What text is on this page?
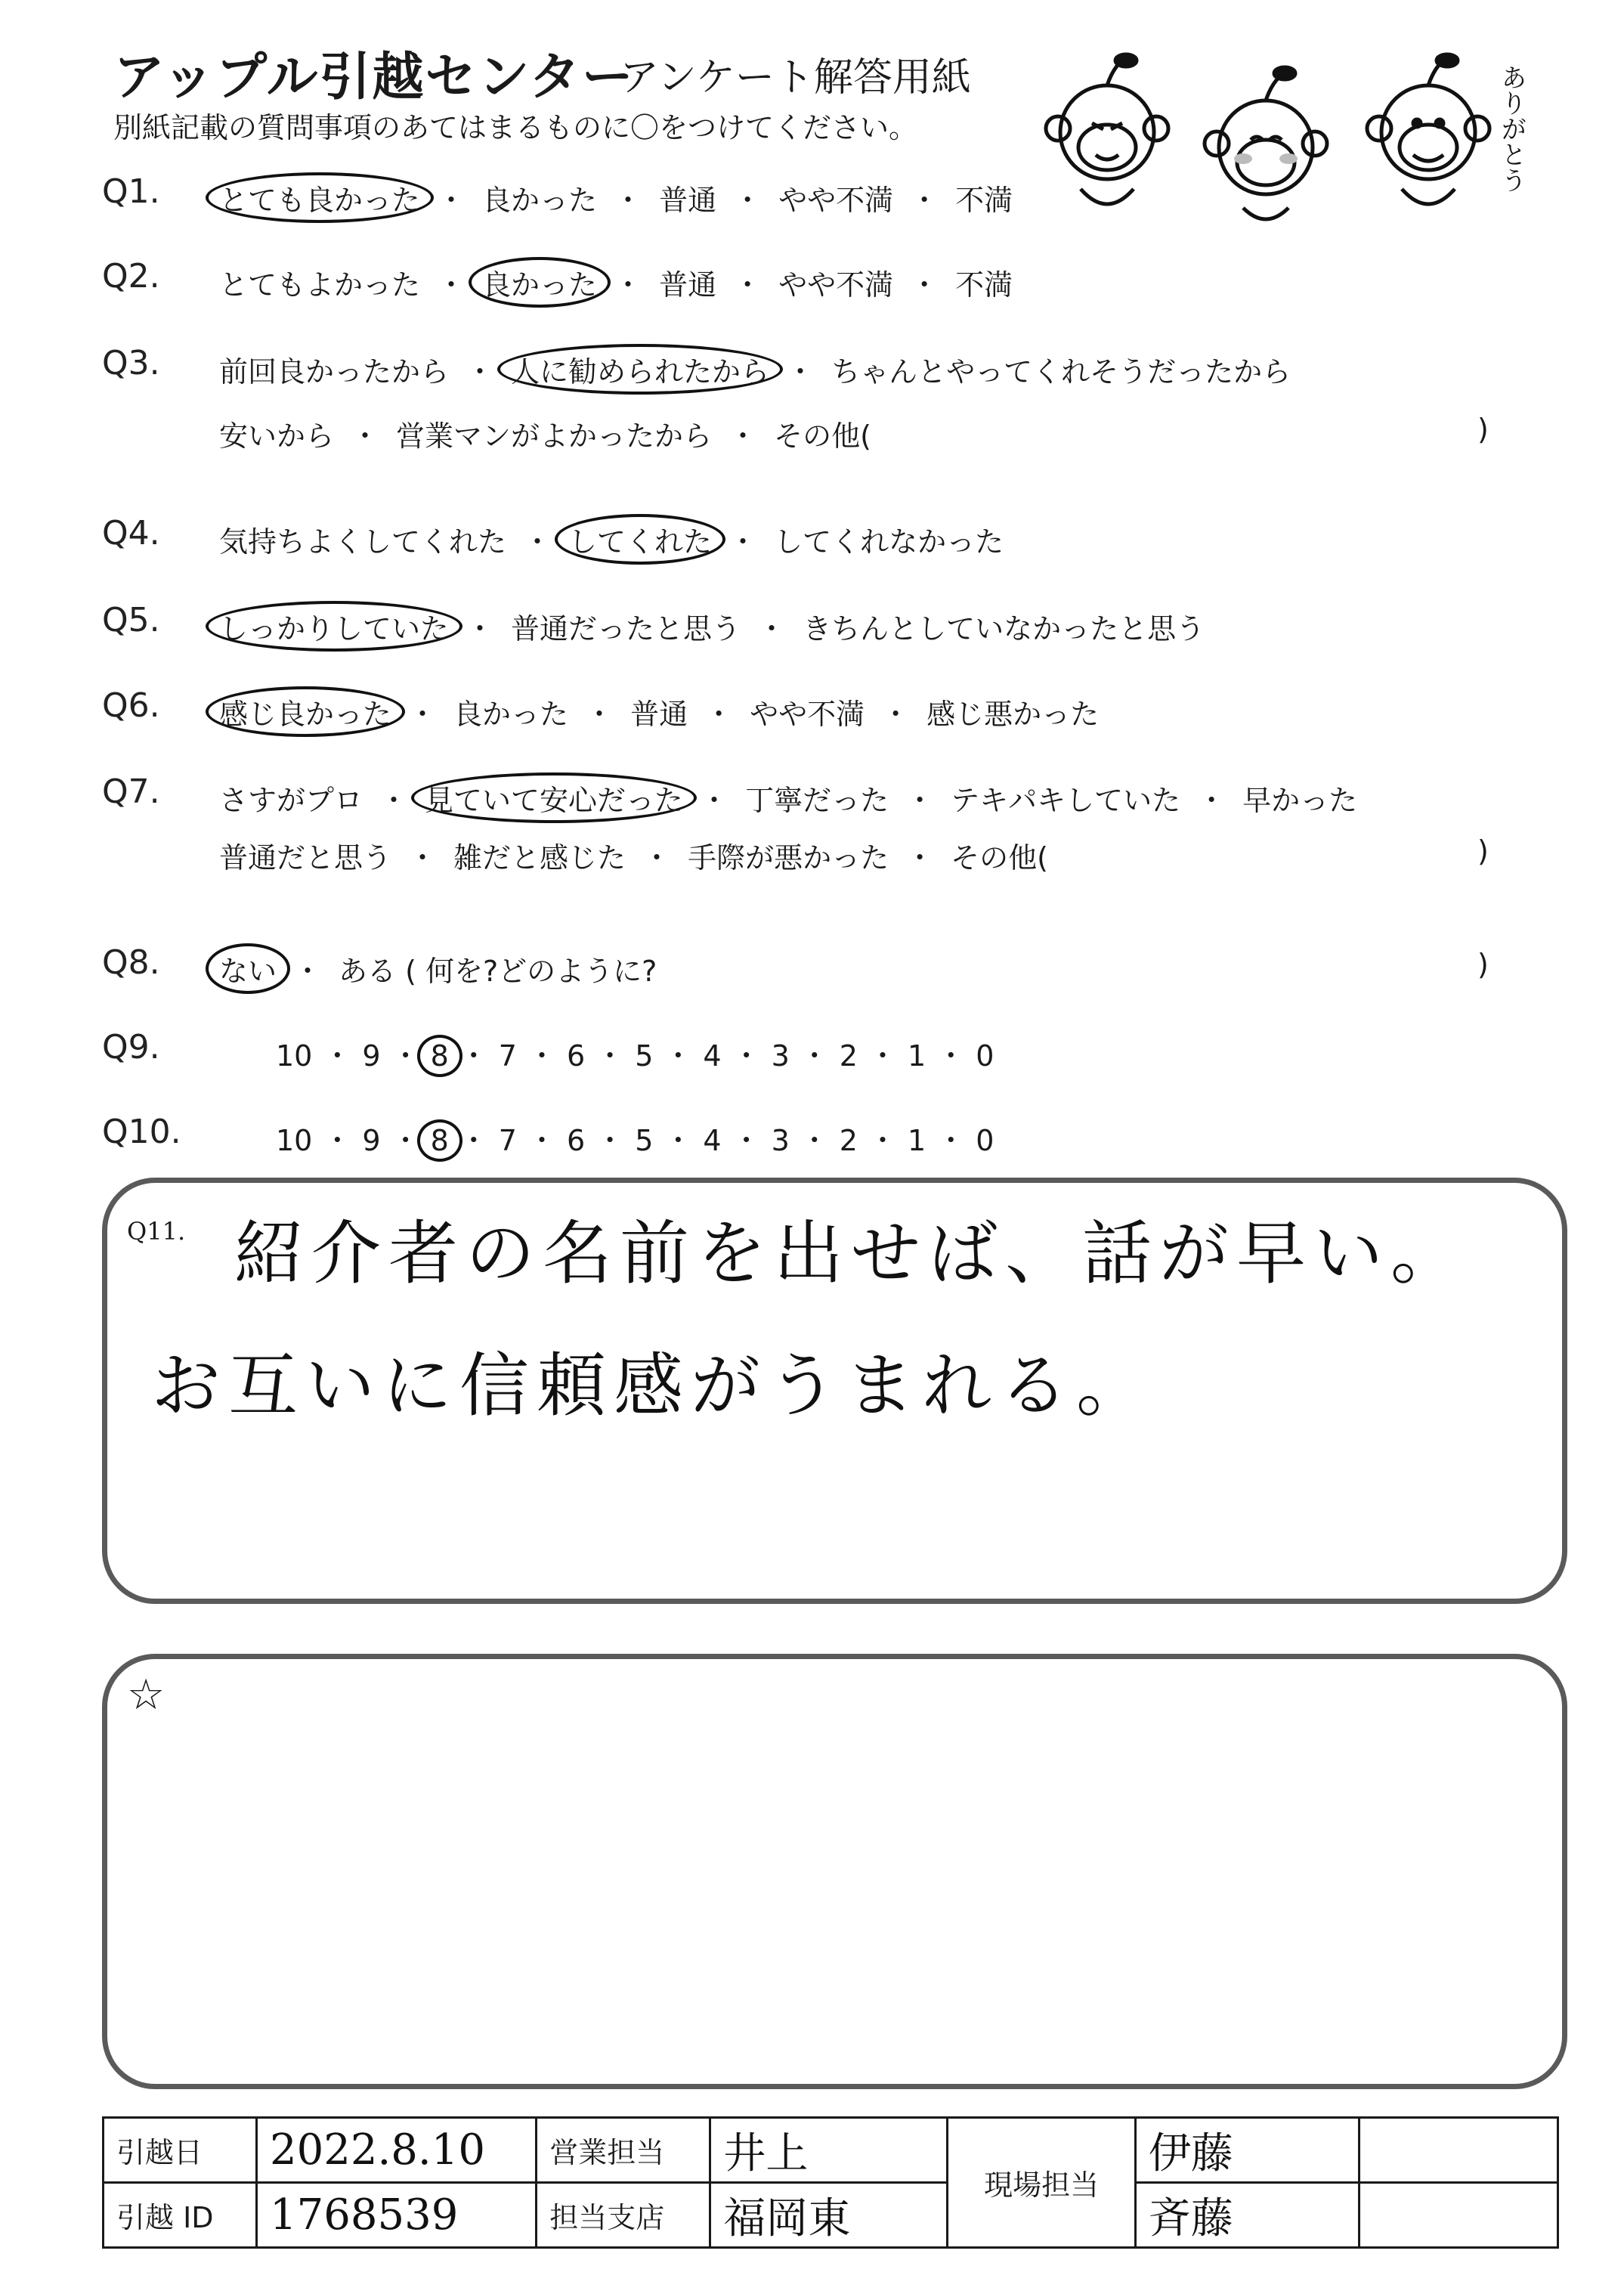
アップル引越センター
アンケート解答用紙
別紙記載の質問事項のあてはまるものに〇をつけてください。	ありがとう
Q1. とても良かった ・ 良かった ・ 普通 ・ やや不満 ・ 不満
Q2. とてもよかった ・ 良かった ・ 普通 ・ やや不満 ・ 不満
Q3. 前回良かったから ・ 人に勧められたから ・ ちゃんとやってくれそうだったから
安いから ・ 営業マンがよかったから ・ その他(	)
Q4. 気持ちよくしてくれた ・ してくれた ・ してくれなかった
Q5. しっかりしていた ・ 普通だったと思う ・ きちんとしていなかったと思う
Q6. 感じ良かった ・ 良かった ・ 普通 ・ やや不満 ・ 感じ悪かった
Q7. さすがプロ ・ 見ていて安心だった ・ 丁寧だった ・ テキパキしていた ・ 早かった
普通だと思う ・ 雑だと感じた ・ 手際が悪かった ・ その他(	)
Q8. ない ・ ある ( 何を?どのように?	)
Q9.	10 ・ 9 ・ 8 ・ 7 ・ 6 ・ 5 ・ 4 ・ 3 ・ 2 ・ 1 ・ 0
Q10.	10 ・ 9 ・ 8 ・ 7 ・ 6 ・ 5 ・ 4 ・ 3 ・ 2 ・ 1 ・ 0
Q11. 紹介者の名前を出せば、話が早い。
お互いに信頼感がうまれる。
☆
引越日	2022.8.10	営業担当	井上	現場担当	伊藤	
引越 ID	1768539	担当支店	福岡東		斉藤	
